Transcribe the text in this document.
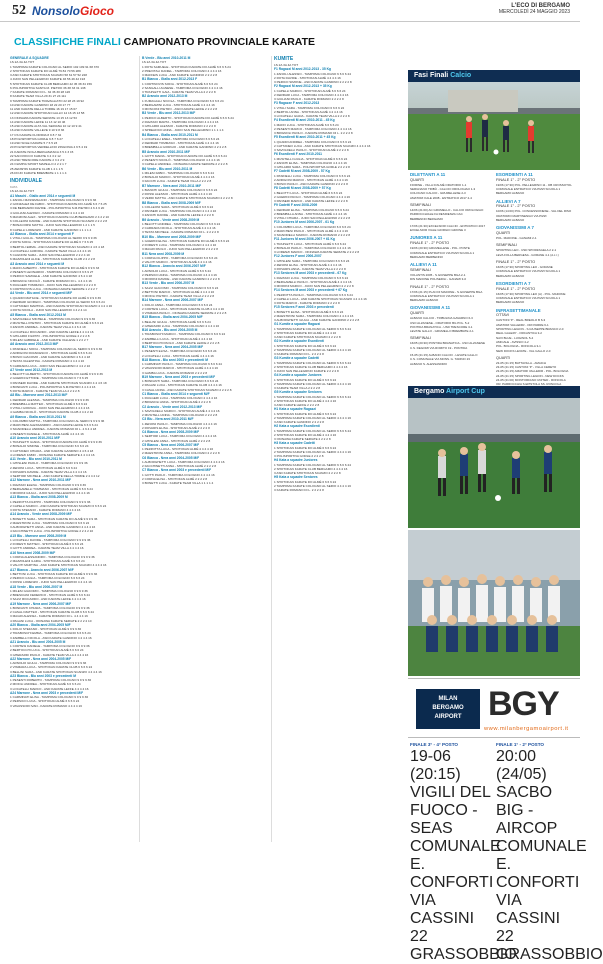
52 NonsoloGioco	L'ECO DI BERGAMO
MERCOLEDÌ 24 MAGGIO 2023
CLASSIFICHE FINALI CAMPIONATO PROVINCIALE KARATE
GENERALE A SQUADRE
1S 2A 3A 4A TOT
1 TAMPOMA KARATE COLOGNO AL SERIO 102 109 91 68 370
2 SHOTOKAN KARATE DO ALMÈ 79 84 70 56 289
3 ASD KARATE SHOTOKAN SCANZO 58 61 57 52 228
4 JUDO SAN PELLEGRINO KARATE 46 56 49 42 193
5 SHOTOKAN KARATE CLUB BERGAMO 42 45 38 34 159
6 POLISPORTIVA SANTA M. PIETRO 36 38 33 31 138
7 KARATE ROMANO DI L. 32 36 30 28 126
8 KARATE TEAM VILLA 29 31 27 24 111
9 TAMPOMA KARATE TRAVAGLIATO 22 28 23 19 92
10 ASD KARATE GANDINO 18 22 20 17 77
11 ASD KARATE DELLA TORRE 16 19 17 15 67
12 ASD KARATE SHOTOKAN GALLO 14 16 15 13 58
13 OKINAWA KARATE SERIATE 13 15 13 12 53
14 ASD KARATE LEFFE 11 13 12 10 46
15 ASD KARATE ALTA VAL SERIANA 10 12 10 9 41
16 ASD KARATE VALLEVE 9 10 9 8 36
17 CS KARATE FLORIDIA 8 9 8 7 32
18 POLISPORTIVA GORLE 6 8 7 6 27
19 ASD SOLE KARATE 5 7 6 5 23
20 POLISPORTIVA VERDELLINO ZINGONIA 4 6 5 4 19
21 KARATE ISOLA BERGAMASCA 3 5 4 3 15
22 SAN ROCCO KARATE 3 4 3 2 12
23 ASD TRESCORE KARATE 2 3 2 2 9
24 OLIMPIA SPORT MAPELLO 2 2 2 1 7
25 ZENSHIN KARATE CLUB 1 2 1 1 5
26 DOJO KARATE BREMBATE 1 1 1 1 4
INDIVIDUALE
KATA
1S 2A 3A 4A TOT
A1 Maschi - Giallo anni 2014 e seguenti M
1 ZANOLI MASSIMILIANO - TAMPOMA COLOGNO 9 9 9 9 36
2 GONZALEZ DE FABIO - SHOTOKAN KARATE DO ALMÈ 6 6 7 6 25
3 DE BERNARDI DAVIDE - POLISPORTIVA S.M.PIETRO 4 6 4 6 20
4 GIULIANI ALESSIO - KARATE ROMANO 4 4 4 4 16
5 MANZONI ALEX - SHOTOKAN KARATE CLUB BERGAMO 2 4 2 2 10
6 COLLEONI DAVIDE - ASD KARATE SHOTOKAN SCANZO 2 2 2 2 8
7 BONACORSI MATTIA - JUDO SAN PELLEGRINO 1 2 1 1 5
8 CAPELLI LORENZO - ASD KARATE GANDINO 1 1 1 1 4
A2 Bianca - Gialla anni 2014 e seguenti F
1 VITALI GIULIA - TAMPOMA COLOGNO AL SERIO 9 9 9 9 36
2 ROTA SOFIA - SHOTOKAN KARATE DO ALMÈ 6 7 6 6 25
3 BERTOLI EMMA - ASD KARATE SHOTOKAN SCANZO 4 4 6 4 18
4 LOCATELLI AURORA - KARATE TEAM VILLA 4 4 4 4 16
5 CAGNONI SARA - JUDO SAN PELLEGRINO 2 2 2 4 10
6 MAZZOLENI ALICE - SHOTOKAN KARATE CLUB 2 2 2 2 8
A3 Arancio anni 2014 e seguenti M
1 MAFFI ALBERTO - SHOTOKAN KARATE DO ALMÈ 9 9 9 6 33
2 PESENTI LEONARDO - TAMPOMA COLOGNO 6 6 6 9 27
3 PERICO SAMUELE - ASD KARATE GANDINO 4 6 4 4 18
4 BRIGNOLI NICOLÒ - KARATE ROMANO DI L. 4 4 4 4 16
5 RUGGERI TOMMASO - JUDO SAN PELLEGRINO 2 2 2 2 8
6 CORTINOVIS LUCA - OKINAWA KARATE SERIATE 1 2 2 2 7
A4 Verde - Blu anni 2014 e seguenti M/F
1 QUADRI MATILDE - SHOTOKAN KARATE DO ALMÈ 9 9 9 9 36
2 FERRARI GIORGIO - TAMPOMA COLOGNO AL SERIO 6 6 6 6 24
3 CATTANEO MARTINA - ASD KARATE SHOTOKAN SCANZO 4 4 4 4 16
4 ROTA NICOLA - JUDO SAN PELLEGRINO 4 4 2 4 14
A5 Bianca - Gialla anni 2012-2013 M
1 SAVOLDELLI MICHELE - TAMPOMA COLOGNO 9 9 9 9 36
2 MUSITELLI PIETRO - SHOTOKAN KARATE DO ALMÈ 6 6 6 6 24
3 ZANCHI ANDREA - KARATE TEAM VILLA 4 4 6 4 18
4 LOCATELLI RICCARDO - ASD KARATE LEFFE 4 4 4 4 16
5 GHILARDI FILIPPO - POLISPORTIVA GORLE 2 2 2 2 8
6 MILESI GABRIELE - ASD KARATE VALLEVE 1 2 2 2 7
A6 Arancio anni 2012-2013 M/F
1 PASINELLI SOFIA - TAMPOMA COLOGNO AL SERIO 9 9 9 9 36
2 ARRIGONI FRANCESCO - SHOTOKAN ALMÈ 6 6 6 6 24
3 BOSIO GIACOMO - ASD KARATE GANDINO 4 6 4 4 18
4 TESTA VALENTINA - KARATE ROMANO 4 4 4 4 16
5 CARRARA LUCA - JUDO SAN PELLEGRINO 2 4 2 2 10
A7 Verde anni 2012-2013 M
1 BELOTTI ALBERTO - SHOTOKAN KARATE DO ALMÈ 9 9 9 9 36
2 GUERINI ETTORE - TAMPOMA COLOGNO 6 7 6 6 25
3 PANSERI DAVIDE - ASD KARATE SHOTOKAN SCANZO 4 4 4 6 18
4 BONFANTI LUCA - POLISPORTIVA S.M.PIETRO 4 4 4 4 16
5 ROTA MARCO - KARATE TEAM VILLA 2 2 2 2 8
A8 Blu - Marrone anni 2012-2013 M/F
1 FERRARI ALESSIA - TAMPOMA COLOGNO 9 9 9 9 36
2 BREMBILLA MATTEO - SHOTOKAN ALMÈ 6 6 6 6 24
3 VITALI GIORGIA - JUDO SAN PELLEGRINO 4 4 4 4 16
4 GAMBA NICOLÒ - SHOTOKAN KARATE CLUB 2 4 2 2 10
A9 Bianca - Gialla anni 2010-2011 M
1 COLOMBO MATTIA - TAMPOMA COLOGNO AL SERIO 9 9 9 9 36
2 MARCHESI ALESSANDRO - ASD KARATE LEFFE 6 6 6 6 24
3 SIGNORELLI ANDREA - KARATE ROMANO DI L. 4 6 4 4 18
4 PESENTI DANIELE - SHOTOKAN ALMÈ 4 4 4 4 16
A10 Arancio anni 2010-2011 M/F
1 TRAPLETTI GIADA - SHOTOKAN KARATE DO ALMÈ 9 9 9 9 36
2 BONALDI SIMONE - TAMPOMA COLOGNO 6 6 6 6 24
3 CATTANEO CHIARA - ASD KARATE GANDINO 4 4 6 4 18
4 LORENZI FABIO - OKINAWA KARATE SERIATE 4 4 4 4 16
A11 Verde - Blu anni 2010-2011 M
1 GHISLENI PAOLO - TAMPOMA COLOGNO 9 9 9 9 36
2 ZENONI LUCA - SHOTOKAN ALMÈ 6 6 6 6 24
3 ROVARIS DAVIDE - KARATE TEAM VILLA 4 4 4 4 16
4 SERTORI MICHELE - ASD KARATE DELLA TORRE 2 4 4 2 12
A12 Marrone - Nera anni 2010-2011 M/F
1 RAVASIO ELENA - TAMPOMA COLOGNO 9 9 9 9 36
2 BERGAMELLI TOMMASO - SHOTOKAN ALMÈ 6 6 6 6 24
3 MORONI GIULIA - JUDO SAN PELLEGRINO 4 4 4 4 16
A13 Bianca - Gialla anni 2008-2009 M
1 PEZZOTTA FILIPPO - TAMPOMA COLOGNO 9 9 9 9 36
2 CAPELLI MARCO - ASD KARATE SHOTOKAN SCANZO 6 6 6 6 24
3 ROTA STEFANO - KARATE ROMANO 4 4 4 4 16
A14 Arancio - Verde anni 2008-2009 M/F
1 BONETTI SARA - SHOTOKAN KARATE DO ALMÈ 9 9 9 9 36
2 MAESTRONI LUCA - TAMPOMA COLOGNO 6 6 6 6 24
3 ALBORGHETTI ANNA - ASD KARATE GANDINO 4 4 4 4 16
4 FACCHINETTI LUCA - POLISPORTIVA GORLE 2 2 4 2 10
A15 Blu - Marrone anni 2008-2009 M
1 LOCATELLI DAVIDE - TAMPOMA COLOGNO 9 9 9 9 36
2 FORESTI MATTEO - SHOTOKAN ALMÈ 6 6 6 6 24
3 GOTTI ANDREA - KARATE TEAM VILLA 4 4 4 4 16
A16 Nera anni 2008-2009 M/F
1 CORNA ALESSANDRO - TAMPOMA COLOGNO 9 9 9 9 36
2 MAZZOLENI ILARIA - SHOTOKAN ALMÈ 6 6 6 6 24
3 VALOTI MARTINA - ASD KARATE SHOTOKAN SCANZO 4 4 4 4 16
A17 Bianca - Arancio anni 2006-2007 M/F
1 BETTONI LUCA - SHOTOKAN KARATE DO ALMÈ 9 9 9 9 36
2 PERICO GIULIA - TAMPOMA COLOGNO 6 6 6 6 24
3 ROSSI LORENZO - JUDO SAN PELLEGRINO 4 4 4 4 16
A18 Verde - Blu anni 2006-2007 M
1 MILESI GIACOMO - TAMPOMA COLOGNO 9 9 9 9 36
2 BRESCIANI FEDERICO - SHOTOKAN ALMÈ 6 6 6 6 24
3 SALVI RICCARDO - ASD KARATE LEFFE 4 4 4 4 16
A19 Marrone - Nera anni 2006-2007 M/F
1 BONFANTI CHIARA - TAMPOMA COLOGNO 9 9 9 9 36
2 CASALI MATTEO - SHOTOKAN KARATE CLUB 6 6 6 6 24
3 MAGRI ALESSIA - KARATE ROMANO DI L. 4 4 4 4 16
4 PAGANI LUCA - OKINAWA KARATE SERIATE 2 2 2 4 10
A20 Bianca - Gialla anni 2004-2005 M/F
1 DOLCI STEFANO - SHOTOKAN ALMÈ 9 9 9 9 36
2 TIRABOSCHI EMMA - TAMPOMA COLOGNO 6 6 6 6 24
3 ZAMBELLI NICOLA - ASD KARATE GANDINO 4 4 4 4 16
A21 Arancio - Blu anni 2004-2005 M
1 CORTESI DANIELE - TAMPOMA COLOGNO 9 9 9 9 36
2 BERTOCCHI LUCA - SHOTOKAN ALMÈ 6 6 6 6 24
3 GHERARDI PAOLO - KARATE TEAM VILLA 4 4 4 4 16
A22 Marrone - Nera anni 2004-2005 M/F
1 ARNOLDI GIULIA - TAMPOMA COLOGNO 9 9 9 9 36
2 VISMARA LUCA - SHOTOKAN KARATE CLUB 6 6 6 6 24
3 BELLINI SARA - ASD KARATE SHOTOKAN SCANZO 4 4 4 4 16
A23 Bianca - Blu anni 2003 e precedenti M
1 PESENTI ROBERTO - TAMPOMA COLOGNO 9 9 9 9 36
2 MOIOLI ANDREA - SHOTOKAN ALMÈ 6 6 6 6 24
3 LOCATELLI MARCO - ASD KARATE LEFFE 4 4 4 4 16
A24 Marrone - Nera anni 2003 e precedenti M/F
1 CARMINATI ELISA - TAMPOMA COLOGNO 9 9 9 9 36
2 PERSICO LUCA - SHOTOKAN ALMÈ 6 6 6 6 24
3 VAVASSORI IVAN - KARATE ROMANO 4 4 4 4 16
B Verde - Blu anni 2010-2011 M
1S 2A 3A 4A TOT
1 ROTA SAMUELE - SHOTOKAN KARATE DO ALMÈ 6 6 6 6 24
2 PREVITALI DANIEL - TAMPOMA COLOGNO 4 4 4 4 16
3 MAFFEIS LUCA - ASD KARATE GANDINO 2 2 2 2 8
B1 Bianca - Gialla anni 2012-2013 F
1 CORTINOVIS SOFIA - SHOTOKAN ALMÈ 6 6 6 6 24
2 SANGALLI AGNESE - TAMPOMA COLOGNO 4 4 4 4 16
3 TRAPLETTI GAIA - KARATE TEAM VILLA 2 2 2 2 8
B2 Arancio anni 2012-2013 M
1 FUMAGALLI NICOLA - TAMPOMA COLOGNO 6 6 6 6 24
2 BERGAMINI LUCA - SHOTOKAN ALMÈ 4 4 4 4 16
3 MOSCONI PIETRO - ASD KARATE LEFFE 2 2 2 2 8
B3 Verde - Blu anni 2012-2013 M/F
1 PERICO ALBERTO - SHOTOKAN KARATE DO ALMÈ 6 6 6 6 24
2 RAVASIO MARTA - TAMPOMA COLOGNO 4 4 4 4 16
3 GHILARDI ALESSIO - KARATE ROMANO 2 2 2 2 8
4 SPREAFICO ANNA - JUDO SAN PELLEGRINO 1 1 1 1 4
B4 Bianca - Gialla anni 2010-2011 M
1 LOCATELLI ENEA - TAMPOMA COLOGNO 6 6 6 6 24
2 FERRARI TOMMASO - SHOTOKAN ALMÈ 4 4 4 4 16
3 BREMBILLA GIORGIO - ASD KARATE GANDINO 2 2 2 2 8
B5 Arancio anni 2010-2011 M/F
1 GOTTI MARIA - SHOTOKAN KARATE DO ALMÈ 6 6 6 6 24
2 PESENTI NICOLÒ - TAMPOMA COLOGNO 4 4 4 4 16
3 CAPELLI ANDREA - OKINAWA KARATE SERIATE 2 2 2 2 8
B6 Verde - Blu anni 2010-2011 M
1 MILESI FABIO - TAMPOMA COLOGNO 6 6 6 6 24
2 BONALDI MARCO - SHOTOKAN ALMÈ 4 4 4 4 16
3 FACCHI LUCA - KARATE TEAM VILLA 2 2 2 2 8
B7 Marrone - Nera anni 2010-2011 M/F
1 BIANCHI GIULIA - TAMPOMA COLOGNO 6 6 6 6 24
2 ROSSI ALESSIO - SHOTOKAN ALMÈ 4 4 4 4 16
3 VERDI MATTIA - ASD KARATE SHOTOKAN SCANZO 2 2 2 2 8
B8 Bianca - Gialla anni 2008-2009 M/F
1 COLLEONI SARA - SHOTOKAN ALMÈ 6 6 6 6 24
2 PANSERI LUCA - TAMPOMA COLOGNO 4 4 4 4 16
3 ZANCHI DAVIDE - ASD KARATE LEFFE 2 2 2 2 8
B9 Arancio - Verde anni 2008-2009 M
1 BELOTTI ANDREA - TAMPOMA COLOGNO 6 6 6 6 24
2 CARRARA NICOLA - SHOTOKAN ALMÈ 4 4 4 4 16
3 TESTA MICHELE - KARATE ROMANO DI L. 2 2 2 2 8
B10 Blu - Marrone anni 2008-2009 M/F
1 GUERINI ELISA - SHOTOKAN KARATE DO ALMÈ 6 6 6 6 24
2 FORESTI LUCA - TAMPOMA COLOGNO 4 4 4 4 16
3 MAGRI PAOLO - JUDO SAN PELLEGRINO 2 2 2 2 8
B11 Nera anni 2008-2009 M
1 CORNA FILIPPO - TAMPOMA COLOGNO 6 6 6 6 24
2 VALOTI MARCO - SHOTOKAN ALMÈ 4 4 4 4 16
B12 Bianca - Arancio anni 2006-2007 M/F
1 ARNOLDI LUCA - SHOTOKAN ALMÈ 6 6 6 6 24
2 PERSICO ANNA - TAMPOMA COLOGNO 4 4 4 4 16
3 MORONI DAVIDE - ASD KARATE GANDINO 2 2 2 2 8
B13 Verde - Blu anni 2006-2007 M
1 SALVI GIACOMO - TAMPOMA COLOGNO 6 6 6 6 24
2 BETTONI MARCO - SHOTOKAN ALMÈ 4 4 4 4 16
3 MOIOLI PIETRO - KARATE TEAM VILLA 2 2 2 2 8
B14 Marrone - Nera anni 2006-2007 M/F
1 DOLCI ANNA - TAMPOMA COLOGNO 6 6 6 6 24
2 CORTESI LUCA - SHOTOKAN KARATE CLUB 4 4 4 4 16
3 VISMARA PAOLO - OKINAWA KARATE SERIATE 2 2 2 2 8
B15 Bianca - Gialla anni 2004-2005 M/F
1 BELLINI GIULIA - SHOTOKAN ALMÈ 6 6 6 6 24
2 GHERARDI LUCA - TAMPOMA COLOGNO 4 4 4 4 16
B16 Arancio - Blu anni 2004-2005 M
1 TIRABOSCHI MARCO - TAMPOMA COLOGNO 6 6 6 6 24
2 ZAMBELLI LUCA - SHOTOKAN ALMÈ 4 4 4 4 16
3 BERTOCCHI PAOLO - ASD KARATE LEFFE 2 2 2 2 8
B17 Marrone - Nera anni 2004-2005 M/F
1 PESENTI ELISA - TAMPOMA COLOGNO 6 6 6 6 24
2 LOCATELLI LUCA - SHOTOKAN ALMÈ 4 4 4 4 16
B18 Bianca - Blu anni 2003 e precedenti M
1 CARMINATI PAOLO - TAMPOMA COLOGNO 6 6 6 6 24
2 VAVASSORI MARCO - SHOTOKAN ALMÈ 4 4 4 4 16
3 GAMBA LUCA - KARATE ROMANO 2 2 2 2 8
B19 Marrone - Nera anni 2003 e precedenti M/F
1 BONFANTI SARA - TAMPOMA COLOGNO 6 6 6 6 24
2 PAGANI LUCA - SHOTOKAN KARATE CLUB 4 4 4 4 16
3 CASALI ANNA - ASD KARATE SHOTOKAN SCANZO 2 2 2 2 8
C1 Bianca - Gialla anni 2014 e seguenti M/F
1 RUGGERI LUCA - TAMPOMA COLOGNO 4 4 4 4 16
2 BRIGNOLI ANNA - SHOTOKAN ALMÈ 2 2 2 2 8
C2 Arancio - Verde anni 2012-2013 M/F
1 SAVOLDELLI MARCO - SHOTOKAN ALMÈ 4 4 4 4 16
2 MUSITELLI ANNA - TAMPOMA COLOGNO 2 2 2 2 8
C3 Blu - Nera anni 2010-2011 M/F
1 ZENONI PAOLO - TAMPOMA COLOGNO 4 4 4 4 16
2 ROVARIS ELISA - SHOTOKAN ALMÈ 2 2 2 2 8
C4 Bianca - Nera anni 2008-2009 M/F
1 SERTORI LUCA - TAMPOMA COLOGNO 4 4 4 4 16
2 GHISLENI ANNA - SHOTOKAN ALMÈ 2 2 2 2 8
C5 Bianca - Nera anni 2006-2007 M/F
1 PEZZOTTA LUCA - SHOTOKAN ALMÈ 4 4 4 4 16
2 MAESTRONI ANNA - TAMPOMA COLOGNO 2 2 2 2 8
C6 Bianca - Nera anni 2004-2005 M/F
1 ALBORGHETTI LUCA - TAMPOMA COLOGNO 4 4 4 4 16
2 FACCHINETTI ANNA - SHOTOKAN ALMÈ 2 2 2 2 8
C7 Bianca - Nera anni 2003 e precedenti M/F
1 GOTTI PAOLO - TAMPOMA COLOGNO 4 4 4 4 16
2 CORNA ELISA - SHOTOKAN ALMÈ 2 2 2 2 8
3 BONETTI LUCA - KARATE TEAM VILLA 1 1 1 1 4
KUMITE
1S 2A 3A 4A TOT
F1 Ragazzi M anni 2012-2013 - 35 Kg
1 ZANOLI ALESSIO - TAMPOMA COLOGNO 6 6 6 6 24
2 ROTA DAVIDE - SHOTOKAN ALMÈ 4 4 4 4 16
3 PERICO SIMONE - ASD KARATE GANDINO 2 2 2 2 8
F2 Ragazzi M anni 2012-2013 + 35 Kg
1 CAPELLI MARCO - SHOTOKAN ALMÈ 6 6 6 6 24
2 FERRARI LUCA - TAMPOMA COLOGNO 4 4 4 4 16
3 GIULIANI PAOLO - KARATE ROMANO 2 2 2 2 8
F3 Ragazze F anni 2012-2013
1 VITALI SARA - TAMPOMA COLOGNO 6 6 6 6 24
2 BERTOLI ANNA - SHOTOKAN ALMÈ 4 4 4 4 16
3 LOCATELLI GIADA - KARATE TEAM VILLA 2 2 2 2 8
F4 Esordienti M anni 2010-2011 - 45 Kg
1 MAFFI LUCA - SHOTOKAN ALMÈ 6 6 6 6 24
2 PESENTI MARCO - TAMPOMA COLOGNO 4 4 4 4 16
3 BRIGNOLI PAOLO - KARATE ROMANO DI L. 2 2 2 2 8
F5 Esordienti M anni 2010-2011 + 45 Kg
1 QUADRI ANDREA - TAMPOMA COLOGNO 6 6 6 6 24
2 CATTANEO LUCA - ASD KARATE SHOTOKAN SCANZO 4 4 4 4 16
3 SAVOLDELLI PAOLO - SHOTOKAN ALMÈ 2 2 2 2 8
F6 Esordienti F anni 2010-2011
1 MUSITELLI GIULIA - SHOTOKAN ALMÈ 6 6 6 6 24
2 ZANCHI ELISA - TAMPOMA COLOGNO 4 4 4 4 16
3 GHILARDI SARA - POLISPORTIVA GORLE 2 2 2 2 8
F7 Cadetti M anni 2008-2009 - 57 Kg
1 PASINELLI LUCA - TAMPOMA COLOGNO 6 6 6 6 24
2 ARRIGONI MARCO - SHOTOKAN ALMÈ 4 4 4 4 16
3 BOSIO PAOLO - ASD KARATE GANDINO 2 2 2 2 8
F8 Cadetti M anni 2008-2009 + 57 Kg
1 BELOTTI LUCA - SHOTOKAN ALMÈ 6 6 6 6 24
2 GUERINI PAOLO - TAMPOMA COLOGNO 4 4 4 4 16
3 PANSERI MARCO - ASD KARATE LEFFE 2 2 2 2 8
F9 Cadetti F anni 2008-2009
1 FERRARI ELISA - TAMPOMA COLOGNO 6 6 6 6 24
2 BREMBILLA ANNA - SHOTOKAN ALMÈ 4 4 4 4 16
3 VITALI CHIARA - JUDO SAN PELLEGRINO 2 2 2 2 8
F10 Juniores M anni 2006-2007 - 61 Kg
1 COLOMBO LUCA - TAMPOMA COLOGNO 6 6 6 6 24
2 MARCHESI PAOLO - SHOTOKAN ALMÈ 4 4 4 4 16
3 SIGNORELLI MARCO - KARATE ROMANO 2 2 2 2 8
F11 Juniores M anni 2006-2007 + 61 Kg
1 TRAPLETTI LUCA - SHOTOKAN ALMÈ 6 6 6 6 24
2 BONALDI PAOLO - TAMPOMA COLOGNO 4 4 4 4 16
3 LORENZI MARCO - OKINAWA KARATE SERIATE 2 2 2 2 8
F12 Juniores F anni 2006-2007
1 GHISLENI SARA - TAMPOMA COLOGNO 6 6 6 6 24
2 ZENONI ELISA - SHOTOKAN ALMÈ 4 4 4 4 16
3 ROVARIS ANNA - KARATE TEAM VILLA 2 2 2 2 8
F13 Seniores M anni 2003 e precedenti - 67 Kg
1 RAVASIO LUCA - TAMPOMA COLOGNO 6 6 6 6 24
2 BERGAMELLI PAOLO - SHOTOKAN ALMÈ 4 4 4 4 16
3 MORONI MARCO - JUDO SAN PELLEGRINO 2 2 2 2 8
F14 Seniores M anni 2003 e precedenti + 67 Kg
1 PEZZOTTA PAOLO - TAMPOMA COLOGNO 6 6 6 6 24
2 CAPELLI LUCA - ASD KARATE SHOTOKAN SCANZO 4 4 4 4 16
3 ROTA MARCO - KARATE ROMANO 2 2 2 2 8
F15 Seniores F anni 2003 e precedenti
1 BONETTI ELISA - SHOTOKAN ALMÈ 6 6 6 6 24
2 MAESTRONI SARA - TAMPOMA COLOGNO 4 4 4 4 16
3 ALBORGHETTI GIULIA - ASD KARATE GANDINO 2 2 2 2 8
G1 Kumite a squadre Ragazzi
1 TAMPOMA KARATE COLOGNO AL SERIO 6 6 6 6 24
2 SHOTOKAN KARATE DO ALMÈ 4 4 4 4 16
3 ASD KARATE SHOTOKAN SCANZO 2 2 2 2 8
G2 Kumite a squadre Esordienti
1 SHOTOKAN KARATE DO ALMÈ 6 6 6 6 24
2 TAMPOMA KARATE COLOGNO AL SERIO 4 4 4 4 16
3 KARATE ROMANO DI L. 2 2 2 2 8
G3 Kumite a squadre Cadetti
1 TAMPOMA KARATE COLOGNO AL SERIO 6 6 6 6 24
2 SHOTOKAN KARATE CLUB BERGAMO 4 4 4 4 16
3 JUDO SAN PELLEGRINO KARATE 2 2 2 2 8
G4 Kumite a squadre Juniores
1 SHOTOKAN KARATE DO ALMÈ 6 6 6 6 24
2 TAMPOMA KARATE COLOGNO AL SERIO 4 4 4 4 16
3 KARATE TEAM VILLA 2 2 2 2 8
G5 Kumite a squadre Seniores
1 TAMPOMA KARATE COLOGNO AL SERIO 6 6 6 6 24
2 SHOTOKAN KARATE DO ALMÈ 4 4 4 4 16
3 ASD KARATE LEFFE 2 2 2 2 8
H1 Kata a squadre Ragazzi
1 SHOTOKAN KARATE DO ALMÈ 6 6 6 6 24
2 TAMPOMA KARATE COLOGNO AL SERIO 4 4 4 4 16
3 ASD KARATE GANDINO 2 2 2 2 8
H2 Kata a squadre Esordienti
1 TAMPOMA KARATE COLOGNO AL SERIO 6 6 6 6 24
2 SHOTOKAN KARATE DO ALMÈ 4 4 4 4 16
3 OKINAWA KARATE SERIATE 2 2 2 2 8
H3 Kata a squadre Cadetti
1 SHOTOKAN KARATE DO ALMÈ 6 6 6 6 24
2 TAMPOMA KARATE COLOGNO AL SERIO 4 4 4 4 16
3 POLISPORTIVA GORLE 2 2 2 2 8
H4 Kata a squadre Juniores
1 TAMPOMA KARATE COLOGNO AL SERIO 6 6 6 6 24
2 SHOTOKAN KARATE CLUB BERGAMO 4 4 4 4 16
3 ASD KARATE SHOTOKAN SCANZO 2 2 2 2 8
H5 Kata a squadre Seniores
1 SHOTOKAN KARATE DO ALMÈ 6 6 6 6 24
2 TAMPOMA KARATE COLOGNO AL SERIO 4 4 4 4 16
3 KARATE ROMANO DI L. 2 2 2 2 8
Fasi Finali Calcio
DILETTANTI A 11
QUARTI
FIORINE - VILLA D'ALMÈ ORATORIO 1-1
SERGNANO TRIBÙ - CALCIO OROLOGIAO 1-3
COLOGNO CALCIO - GRUMELLESE 2-3
AMATORI KALE 2008 - ENTRATICO 2017 4-4
SEMIFINALI
14/06 (21:00) AC GRUMELLO - CALCIO OROLOGIAO
PARROCCHIALE FA RESIDENZA CAC
BERBENNO BERGAMO
17/06 (21:30) EXCELSIOR CALCIO - ENTRATICO 2017
EXCELSIOR VIALE GIORGIO GIRONE 3
JUNIORES A 11
FINALE 1° - 2° POSTO
19/06 (20:30) GRUMELLESE - POL. PONTE
COMUNALE ENTRATICO VIA PIZZI SCUOLA 1
BERGAMO BERBENNO
ALLIEVI A 11
SEMIFINALI
VOLANTIS 2005 - S.GIUSEPPE BGA 2-1
DIN MADONE POLISEDILI - GANAMI 3-0
FINALE 1° - 2° POSTO
17/06 (21:15) PLAN DI MADONE - S.GIUSEPPE BGA
COMUNALE ENTRATICO VIA PIZZI SCUOLA 1
BERGAMO ALBANO
GIOVANISSIMI A 11
QUARTI
ALBANO CALCIO - TRIBULINA GAVARNO 6-3
USO ALZANESE - ORATORIO BG POL. 5-2
PONTIDA BRANATICA - USD TRESCORE 3-1
LEVATE GALLO - GRUMELLO BREMBATE 2-1
SEMIFINALI
16/05 (20:30) PONTIDA BRANATICA - USO ALZANESE
C.S. DEGOMI VIA ROMITO 19 - PONTIDA
15-05 (21:15) ALBANO CALCIO - LEVATE GALLO
C.S. COMUNALE VIA MONS. G. TADINO 23
ALBANO S. ALESSANDRO
ESORDIENTI A 11
FINALE 1° - 2° POSTO
19/06 (17:30) POL. PELLEGRINO 11 - DB CROSSOTOL
COMUNALE ENTRATICO VIA PIZZI SCUOLA 1
BERGAMO ALBANO
ALLIEVI A 7
FINALE 1° - 2° POSTO
10/06 (14:00) POL. CONCESSIONESE - VAL DEL RISO
ORATORIO MARTINENGO VIA PIZZI
BERGAMO ALBANO
GIOVANISSIMI A 7
QUARTI
POL. MADONE - GANAMI 2-1
SEMIFINALI
SPORTING LEO - USD SPORZAGELA 2 2-1
LEVA FOLLA BERGESA - GORANE 4-1 (d.c.r.)
FINALE 1° - 2° POSTO
16/05 (17:30) SPORTING LEO - GORANE
COMUNALE ENTRATICO VIA PIZZI SCUOLA 1
BERGAMO ALBANO
ESORDIENTI A 7
FINALE 1° - 2° POSTO
16/05 (17:30) SPORTING LEO (A) - POL. MADONE
COMUNALE ENTRATICO VIA PIZZI SCUOLA 1
BERGAMO ALBANO
INFRASETTIMANALE
OTTAVI
CANTONI 'P' - REAL BREOLO B 6-3
AMATORI VALLEDIR - ORI PARRE 6-1
SPORTING LEGION - S.GIUSEPPE BRANCO 2-0
REAL GALERY - ORCANTICA 3-2
NAVI BLUE - LUIGINOL 5-4
AMICALE - AVISSIO 4-2
POL. BOLOGNA - RONCOLA 3-1
NEW DOCKS LEVATE - VAL GALLO 2-0
QUARTI
23-05 (21:15) BATTAVILLA - AMAICH
23-05 (21:15) CANTONI 'P' - VILLA CERETO
23-05 (21:15) AMATORI VALLEDIR - POL. BOLOGNA
24-05 (21:15) SPORTING LEGION - NEW DOCKS
24-05 (21:00) MONTORFANO UNITED - RONCOLA
OR. PARROCCHIA S.EPISTOLA SS. RONCOLA
Bergamo Airport Cup
MILAN
BERGAMO
AIRPORT BGY
www.milanbergamoairport.it
FINALE 3° - 4° POSTO
19-06 (20:15) VIGILI DEL FUOCO - SEAS
COMUNALE E. CONFORTI VIA CASSINI 22
GRASSOBBIO
FINALE 1° - 2° POSTO
20:00 (24/05) SACBO BIG - AIRCOP
COMUNALE E. CONFORTI VIA CASSINI 22
GRASSOBBIO
